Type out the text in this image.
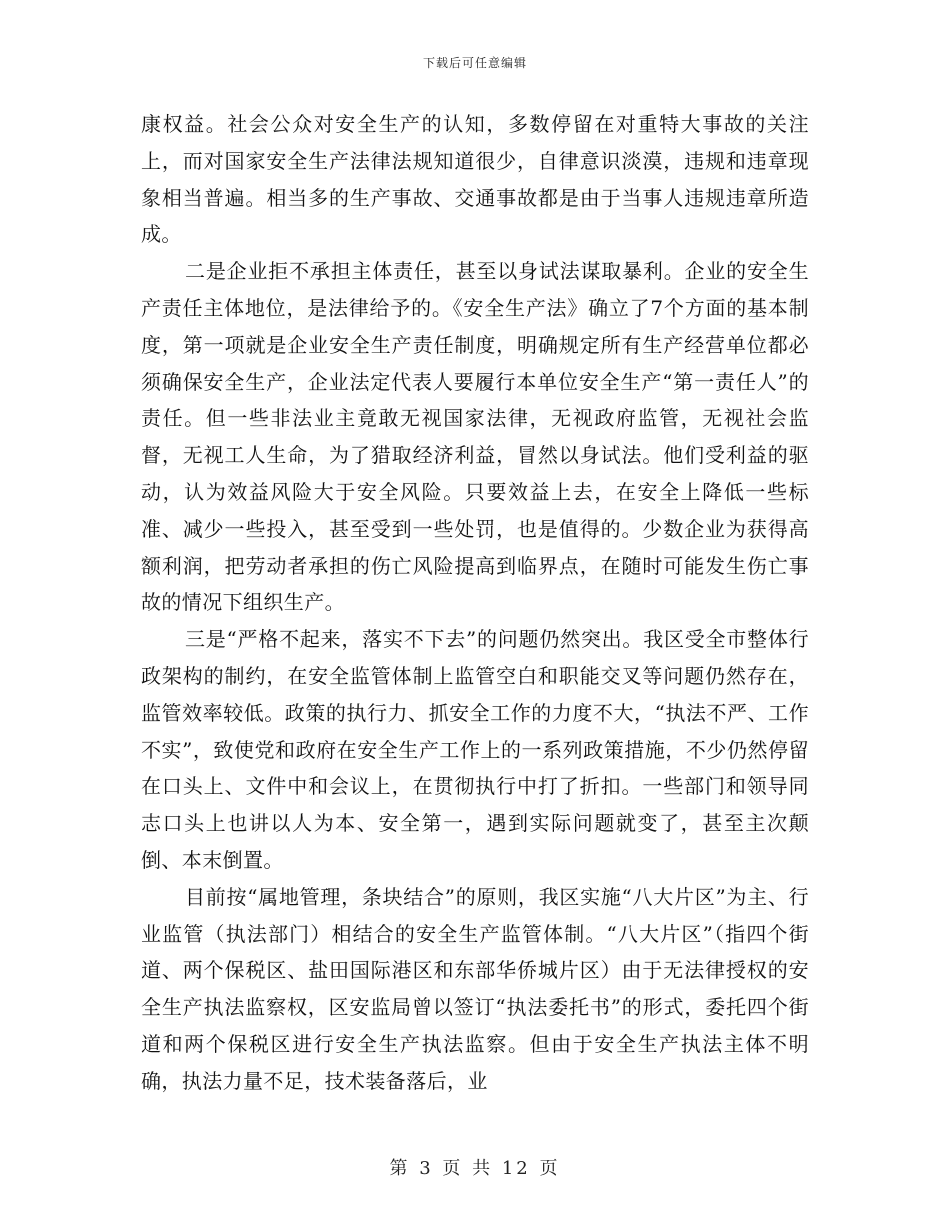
下载后可任意编辑

康权益。社会公众对安全生产的认知，多数停留在对重特大事故的关注上，而对国家安全生产法律法规知道很少，自律意识淡漠，违规和违章现象相当普遍。相当多的生产事故、交通事故都是由于当事人违规违章所造成。

二是企业拒不承担主体责任，甚至以身试法谋取暴利。企业的安全生产责任主体地位，是法律给予的。《安全生产法》确立了7个方面的基本制度，第一项就是企业安全生产责任制度，明确规定所有生产经营单位都必须确保安全生产，企业法定代表人要履行本单位安全生产“第一责任人”的责任。但一些非法业主竟敢无视国家法律，无视政府监管，无视社会监督，无视工人生命，为了猎取经济利益，冒然以身试法。他们受利益的驱动，认为效益风险大于安全风险。只要效益上去，在安全上降低一些标准、减少一些投入，甚至受到一些处罚，也是值得的。少数企业为获得高额利润，把劳动者承担的伤亡风险提高到临界点，在随时可能发生伤亡事故的情况下组织生产。

三是“严格不起来，落实不下去”的问题仍然突出。我区受全市整体行政架构的制约，在安全监管体制上监管空白和职能交叉等问题仍然存在，监管效率较低。政策的执行力、抓安全工作的力度不大，“执法不严、工作不实”，致使党和政府在安全生产工作上的一系列政策措施，不少仍然停留在口头上、文件中和会议上，在贯彻执行中打了折扣。一些部门和领导同志口头上也讲以人为本、安全第一，遇到实际问题就变了，甚至主次颠倒、本末倒置。

目前按“属地管理，条块结合”的原则，我区实施“八大片区”为主、行业监管（执法部门）相结合的安全生产监管体制。“八大片区”（指四个街道、两个保税区、盐田国际港区和东部华侨城片区）由于无法律授权的安全生产执法监察权，区安监局曾以签订“执法委托书”的形式，委托四个街道和两个保税区进行安全生产执法监察。但由于安全生产执法主体不明确，执法力量不足，技术装备落后，业

第 3 页 共 12 页
